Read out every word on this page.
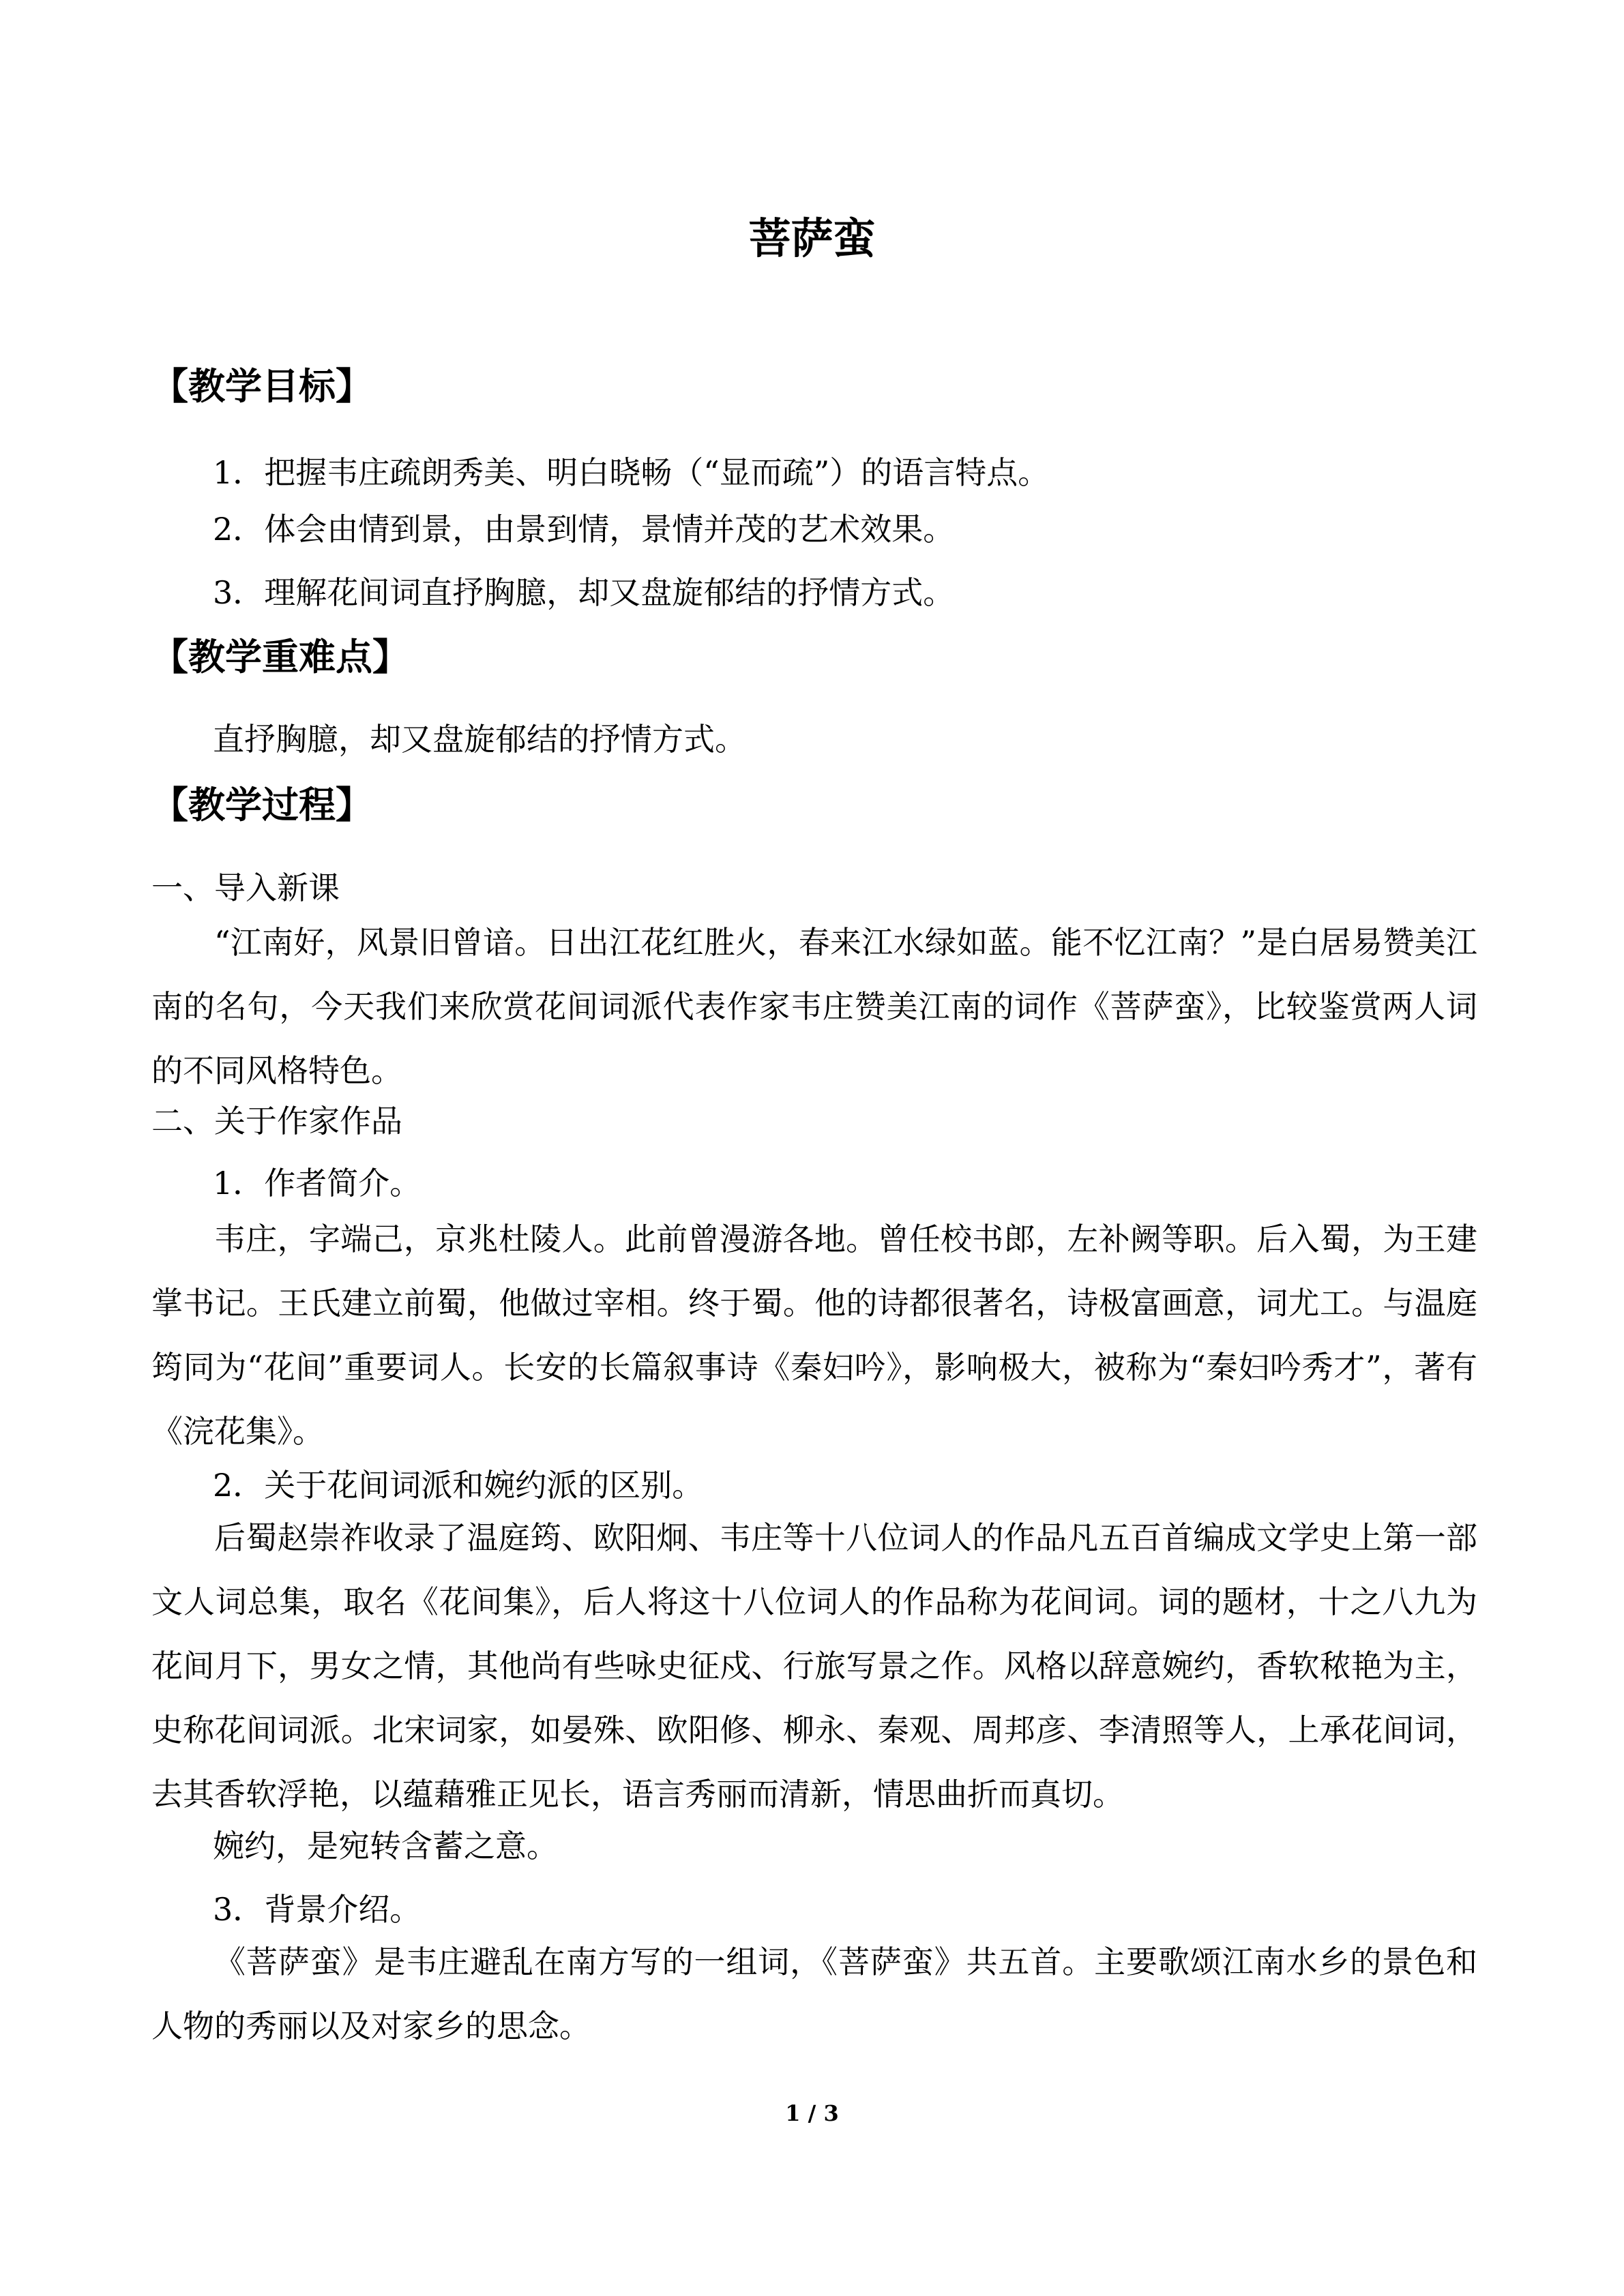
菩萨蛮
【教学目标】
1．把握韦庄疏朗秀美、明白晓畅（“显而疏”）的语言特点。
2．体会由情到景，由景到情，景情并茂的艺术效果。
3．理解花间词直抒胸臆，却又盘旋郁结的抒情方式。
【教学重难点】
直抒胸臆，却又盘旋郁结的抒情方式。
【教学过程】
一、导入新课
“江南好，风景旧曾谙。日出江花红胜火，春来江水绿如蓝。能不忆江南？”是白居易赞美江南的名句，今天我们来欣赏花间词派代表作家韦庄赞美江南的词作《菩萨蛮》，比较鉴赏两人词的不同风格特色。
二、关于作家作品
1．作者简介。
韦庄，字端己，京兆杜陵人。此前曾漫游各地。曾任校书郎，左补阙等职。后入蜀，为王建掌书记。王氏建立前蜀，他做过宰相。终于蜀。他的诗都很著名，诗极富画意，词尤工。与温庭筠同为“花间”重要词人。长安的长篇叙事诗《秦妇吟》，影响极大，被称为“秦妇吟秀才”，著有《浣花集》。
2．关于花间词派和婉约派的区别。
后蜀赵崇祚收录了温庭筠、欧阳炯、韦庄等十八位词人的作品凡五百首编成文学史上第一部文人词总集，取名《花间集》，后人将这十八位词人的作品称为花间词。词的题材，十之八九为花间月下，男女之情，其他尚有些咏史征戍、行旅写景之作。风格以辞意婉约，香软秾艳为主，史称花间词派。北宋词家，如晏殊、欧阳修、柳永、秦观、周邦彦、李清照等人，上承花间词，去其香软浮艳，以蕴藉雅正见长，语言秀丽而清新，情思曲折而真切。
婉约，是宛转含蓄之意。
3．背景介绍。
《菩萨蛮》是韦庄避乱在南方写的一组词，《菩萨蛮》共五首。主要歌颂江南水乡的景色和人物的秀丽以及对家乡的思念。
1 / 3
